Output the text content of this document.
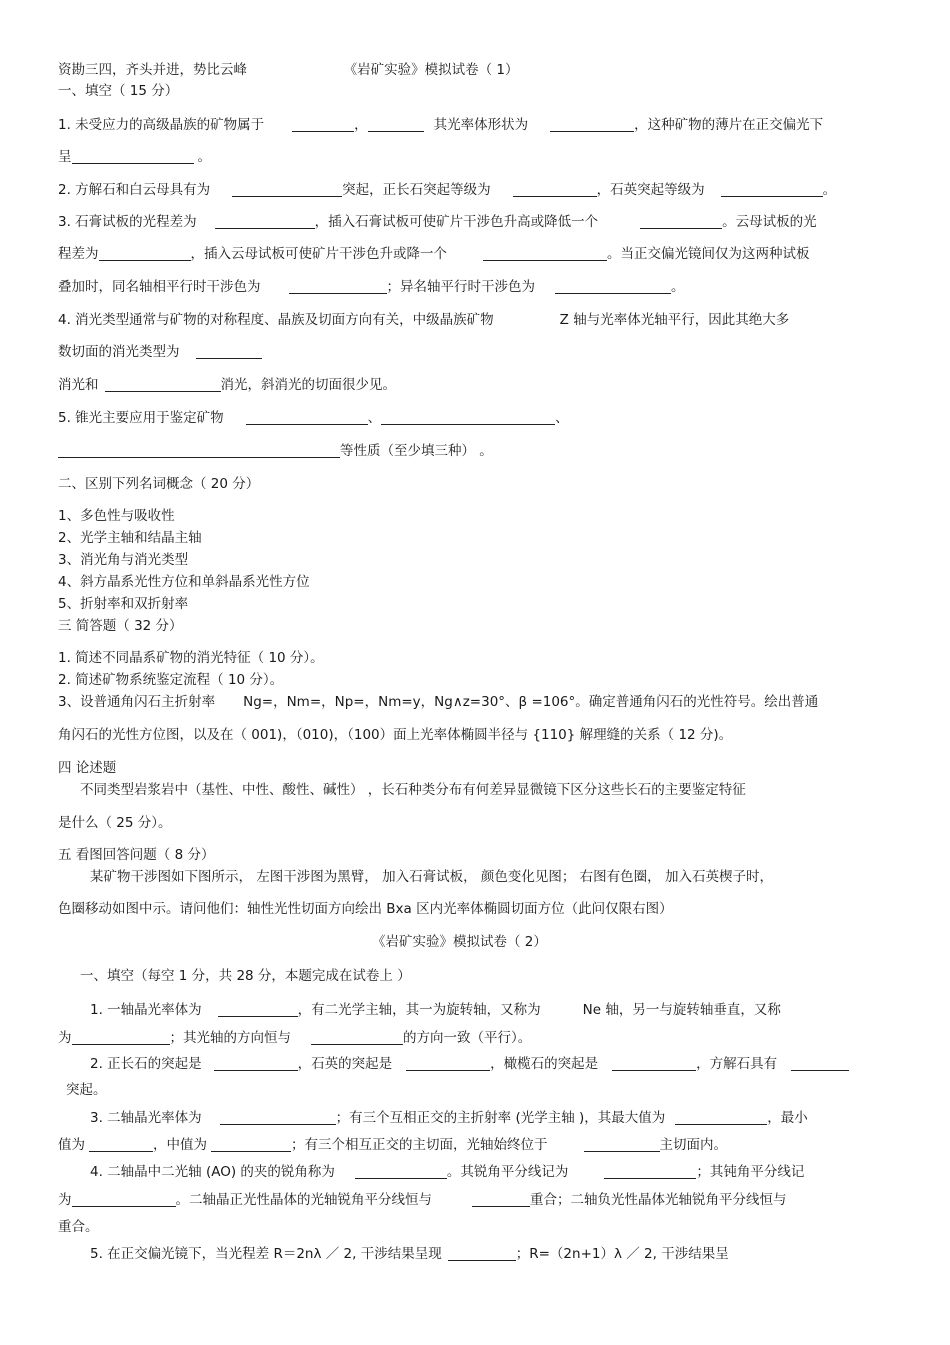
资勘三四，齐头并进，势比云峰	《岩矿实验》模拟试卷（ 1）
一、填空（ 15 分）
1. 未受应力的高级晶族的矿物属于	，	其光率体形状为	，这种矿物的薄片在正交偏光下
呈	。
2. 方解石和白云母具有为	突起，正长石突起等级为	，石英突起等级为	。
3. 石膏试板的光程差为	，插入石膏试板可使矿片干涉色升高或降低一个	。云母试板的光
程差为	，插入云母试板可使矿片干涉色升或降一个	。当正交偏光镜间仅为这两种试板
叠加时，同名轴相平行时干涉色为	；异名轴平行时干涉色为	。
4. 消光类型通常与矿物的对称程度、晶族及切面方向有关，中级晶族矿物	Z 轴与光率体光轴平行，因此其绝大多
数切面的消光类型为
消光和	消光，斜消光的切面很少见。
5. 锥光主要应用于鉴定矿物	、	、
等性质（至少填三种） 。
二、区别下列名词概念（ 20 分）
1、多色性与吸收性
2、光学主轴和结晶主轴
3、消光角与消光类型
4、斜方晶系光性方位和单斜晶系光性方位
5、折射率和双折射率
三 简答题（ 32 分）
1. 简述不同晶系矿物的消光特征（ 10 分）。
2. 简述矿物系统鉴定流程（ 10 分）。
3、设普通角闪石主折射率 Ng=，Nm=，Np=，Nm=y，Ng∧z=30°、β =106°。确定普通角闪石的光性符号。绘出普通
角闪石的光性方位图，以及在（ 001)，（010)，（100）面上光率体椭圆半径与 {110} 解理缝的关系（ 12 分)。
四 论述题
不同类型岩浆岩中（基性、中性、酸性、碱性） ，长石种类分布有何差异显微镜下区分这些长石的主要鉴定特征
是什么（ 25 分）。
五 看图回答问题（ 8 分）
某矿物干涉图如下图所示， 左图干涉图为黑臂， 加入石膏试板， 颜色变化见图； 右图有色圈， 加入石英楔子时，
色圈移动如图中示。请问他们：轴性光性切面方向绘出 Bxa 区内光率体椭圆切面方位（此问仅限右图）
《岩矿实验》模拟试卷（ 2）
一、填空（每空 1 分，共 28 分，本题完成在试卷上 ）
1. 一轴晶光率体为	，有二光学主轴，其一为旋转轴，又称为	Ne 轴，另一与旋转轴垂直，又称
为	；其光轴的方向恒与	的方向一致（平行）。
2. 正长石的突起是	，石英的突起是	，橄榄石的突起是	，方解石具有
突起。
3. 二轴晶光率体为	；有三个互相正交的主折射率 (光学主轴 )，其最大值为	，最小
值为	，中值为	；有三个相互正交的主切面，光轴始终位于	主切面内。
4. 二轴晶中二光轴 (AO) 的夹的锐角称为	。其锐角平分线记为	；其钝角平分线记
为	。二轴晶正光性晶体的光轴锐角平分线恒与	重合；二轴负光性晶体光轴锐角平分线恒与
重合。
5. 在正交偏光镜下，当光程差 R＝2nλ ／ 2, 干涉结果呈现	；R=（2n+1）λ ／ 2, 干涉结果呈
